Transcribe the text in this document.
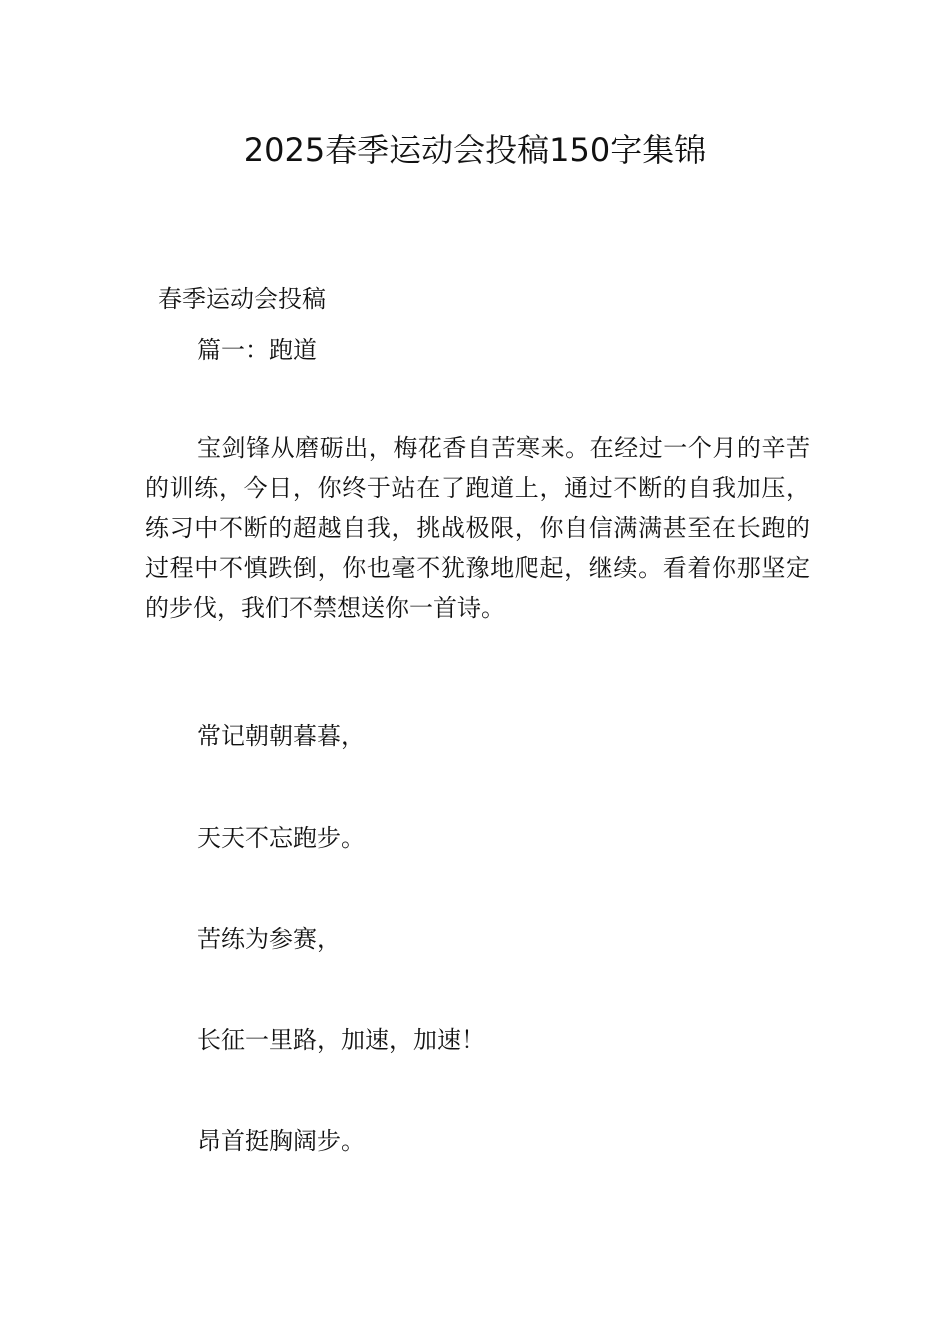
2025春季运动会投稿150字集锦
春季运动会投稿
篇一：跑道

宝剑锋从磨砺出，梅花香自苦寒来。在经过一个月的辛苦的训练，今日，你终于站在了跑道上，通过不断的自我加压，练习中不断的超越自我，挑战极限，你自信满满甚至在长跑的过程中不慎跌倒，你也毫不犹豫地爬起，继续。看着你那坚定的步伐，我们不禁想送你一首诗。

常记朝朝暮暮，
天天不忘跑步。
苦练为参赛，
长征一里路，加速，加速！
昂首挺胸阔步。
